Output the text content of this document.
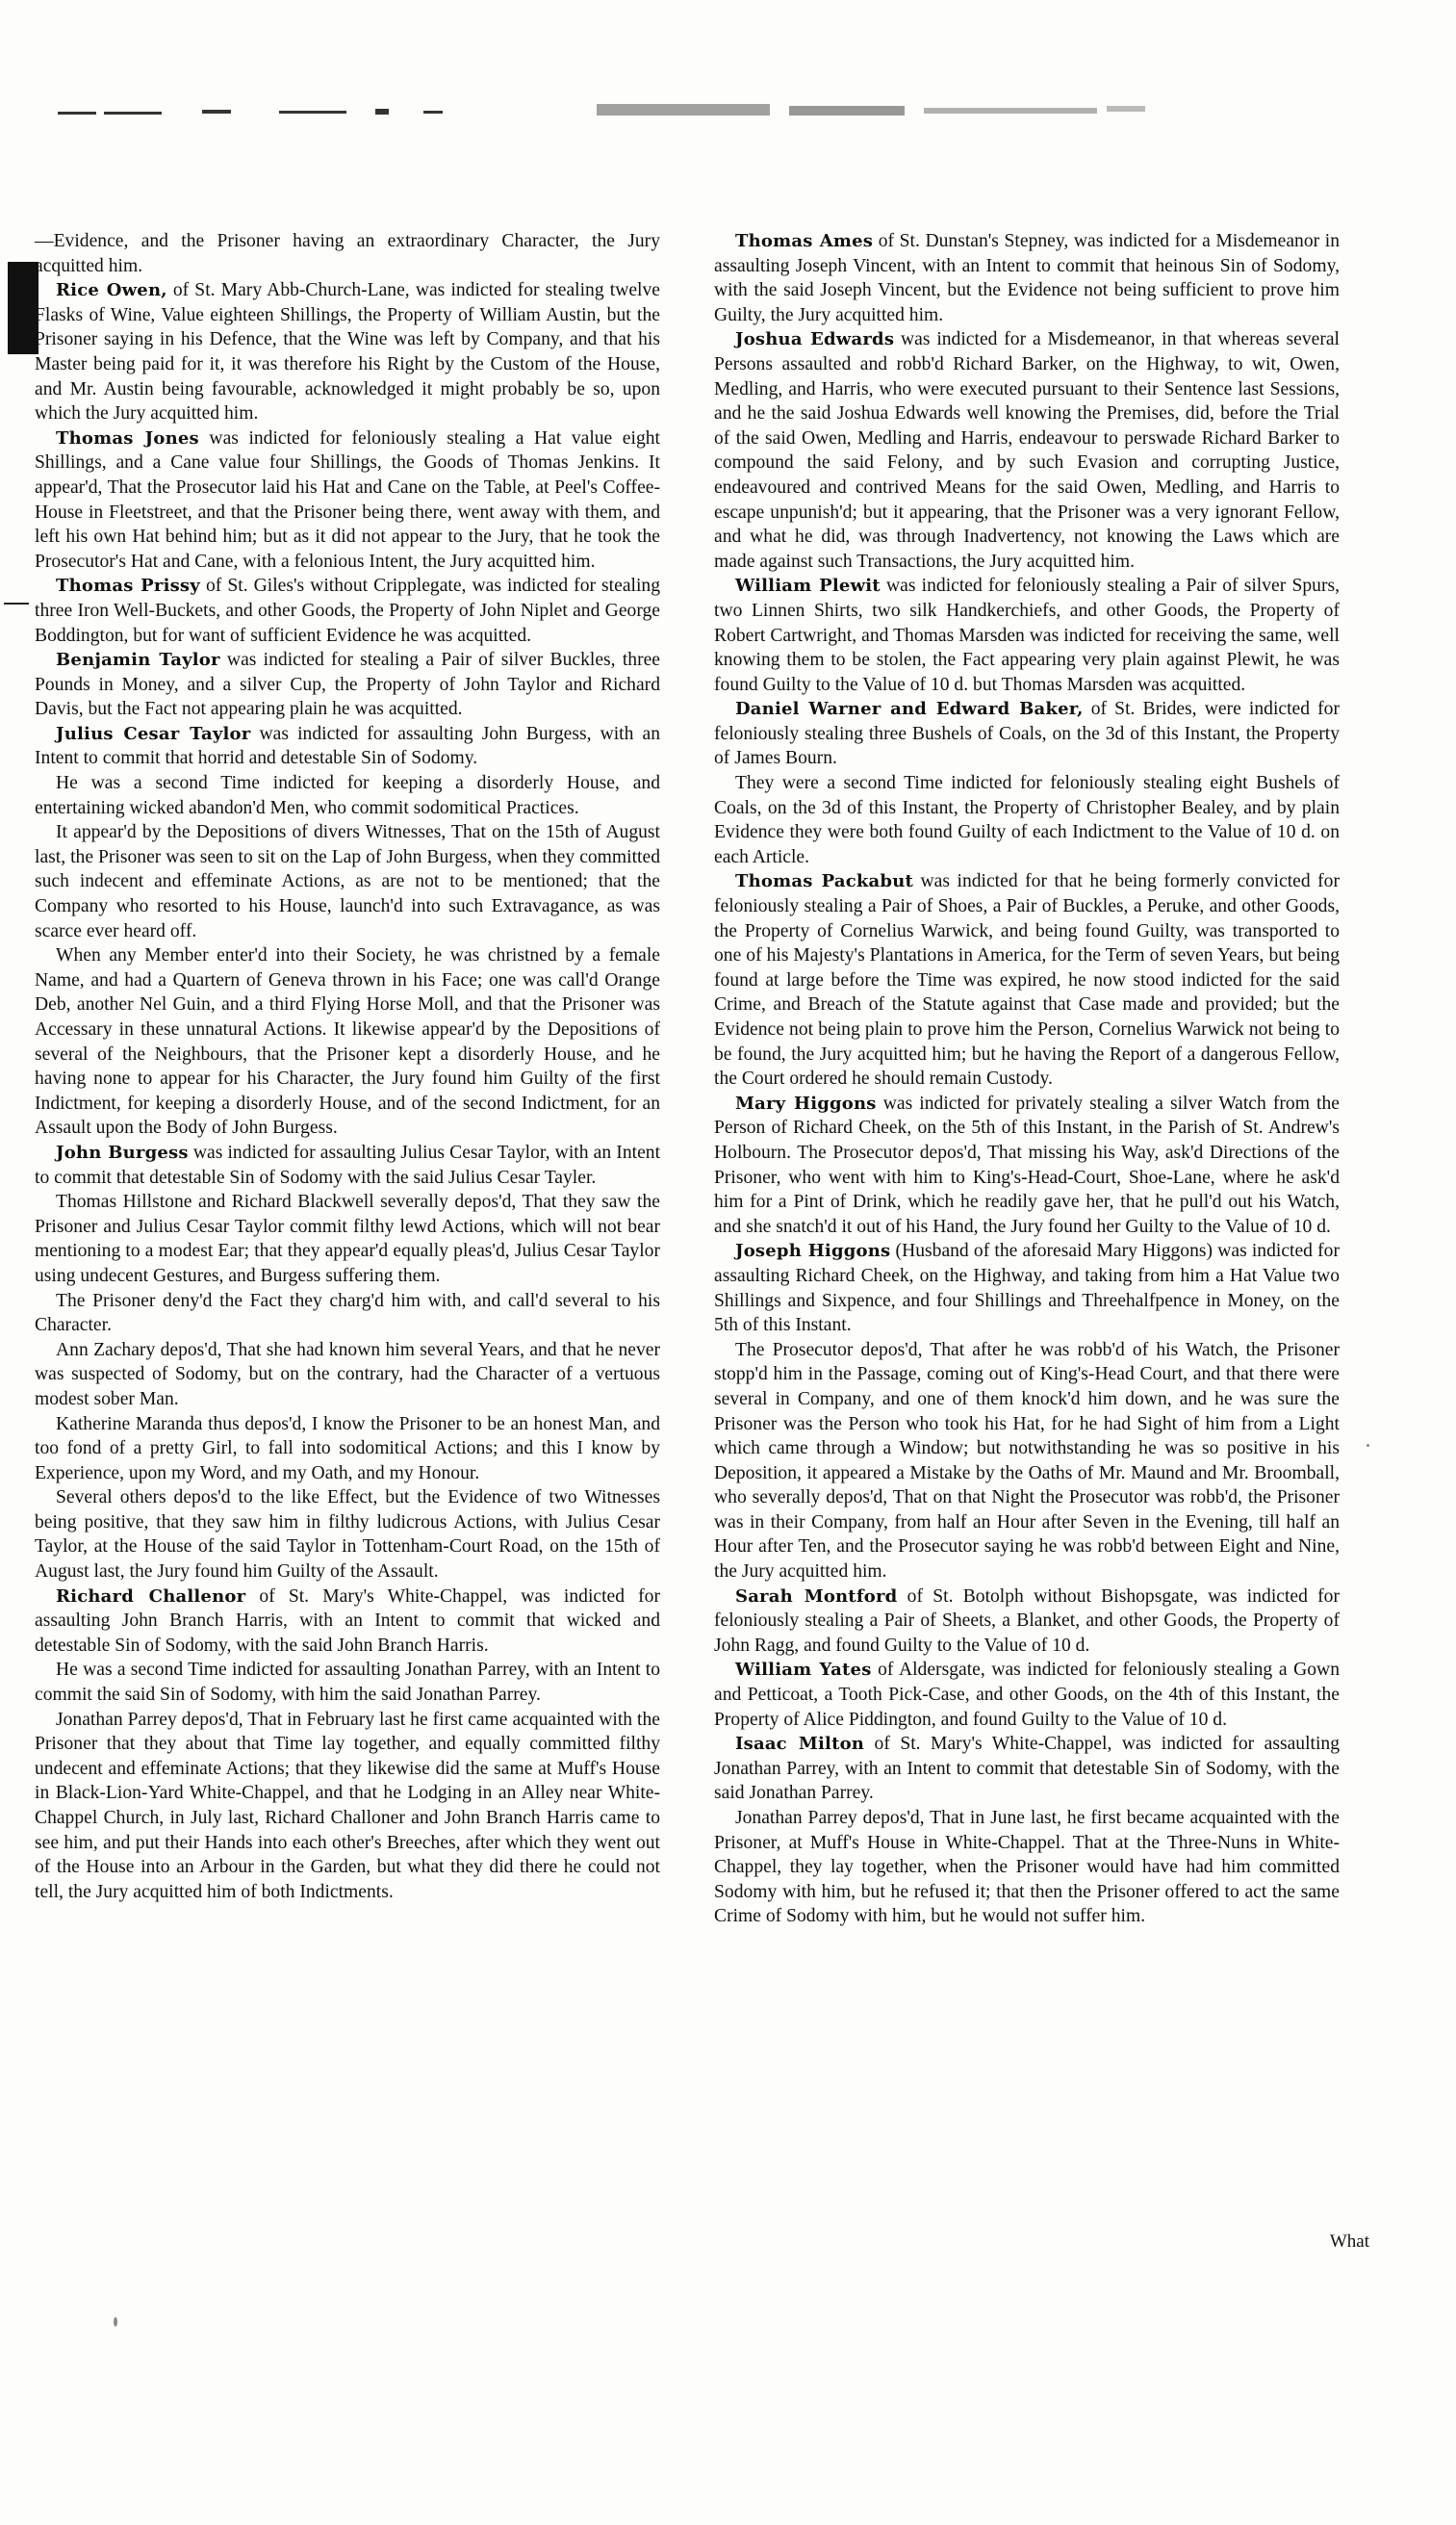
—Evidence, and the Prisoner having an extraordinary Character, the Jury acquitted him.

Rice Owen, of St. Mary Abb-Church-Lane, was indicted for stealing twelve Flasks of Wine, Value eighteen Shillings, the Property of William Austin, but the Prisoner saying in his Defence, that the Wine was left by Company, and that his Master being paid for it, it was therefore his Right by the Custom of the House, and Mr. Austin being favourable, acknowledged it might probably be so, upon which the Jury acquitted him.

Thomas Jones was indicted for feloniously stealing a Hat value eight Shillings, and a Cane value four Shillings, the Goods of Thomas Jenkins. It appear'd, That the Prosecutor laid his Hat and Cane on the Table, at Peel's Coffee-House in Fleetstreet, and that the Prisoner being there, went away with them, and left his own Hat behind him; but as it did not appear to the Jury, that he took the Prosecutor's Hat and Cane, with a felonious Intent, the Jury acquitted him.

Thomas Prissy of St. Giles's without Cripplegate, was indicted for stealing three Iron Well-Buckets, and other Goods, the Property of John Niplet and George Boddington, but for want of sufficient Evidence he was acquitted.

Benjamin Taylor was indicted for stealing a Pair of silver Buckles, three Pounds in Money, and a silver Cup, the Property of John Taylor and Richard Davis, but the Fact not appearing plain he was acquitted.

Julius Cesar Taylor was indicted for assaulting John Burgess, with an Intent to commit that horrid and detestable Sin of Sodomy.

He was a second Time indicted for keeping a disorderly House, and entertaining wicked abandon'd Men, who commit sodomitical Practices.

It appear'd by the Depositions of divers Witnesses, That on the 15th of August last, the Prisoner was seen to sit on the Lap of John Burgess, when they committed such indecent and effeminate Actions, as are not to be mentioned; that the Company who resorted to his House, launch'd into such Extravagance, as was scarce ever heard off.

When any Member enter'd into their Society, he was christned by a female Name, and had a Quartern of Geneva thrown in his Face; one was call'd Orange Deb, another Nel Guin, and a third Flying Horse Moll, and that the Prisoner was Accessary in these unnatural Actions. It likewise appear'd by the Depositions of several of the Neighbours, that the Prisoner kept a disorderly House, and he having none to appear for his Character, the Jury found him Guilty of the first Indictment, for keeping a disorderly House, and of the second Indictment, for an Assault upon the Body of John Burgess.

John Burgess was indicted for assaulting Julius Cesar Taylor, with an Intent to commit that detestable Sin of Sodomy with the said Julius Cesar Tayler.

Thomas Hillstone and Richard Blackwell severally depos'd, That they saw the Prisoner and Julius Cesar Taylor commit filthy lewd Actions, which will not bear mentioning to a modest Ear; that they appear'd equally pleas'd, Julius Cesar Taylor using undecent Gestures, and Burgess suffering them.

The Prisoner deny'd the Fact they charg'd him with, and call'd several to his Character.

Ann Zachary depos'd, That she had known him several Years, and that he never was suspected of Sodomy, but on the contrary, had the Character of a vertuous modest sober Man.

Katherine Maranda thus depos'd, I know the Prisoner to be an honest Man, and too fond of a pretty Girl, to fall into sodomitical Actions; and this I know by Experience, upon my Word, and my Oath, and my Honour.

Several others depos'd to the like Effect, but the Evidence of two Witnesses being positive, that they saw him in filthy ludicrous Actions, with Julius Cesar Taylor, at the House of the said Taylor in Tottenham-Court Road, on the 15th of August last, the Jury found him Guilty of the Assault.

Richard Challenor of St. Mary's White-Chappel, was indicted for assaulting John Branch Harris, with an Intent to commit that wicked and detestable Sin of Sodomy, with the said John Branch Harris.

He was a second Time indicted for assaulting Jonathan Parrey, with an Intent to commit the said Sin of Sodomy, with him the said Jonathan Parrey.

Jonathan Parrey depos'd, That in February last he first came acquainted with the Prisoner that they about that Time lay together, and equally committed filthy undecent and effeminate Actions; that they likewise did the same at Muff's House in Black-Lion-Yard White-Chappel, and that he Lodging in an Alley near White-Chappel Church, in July last, Richard Challoner and John Branch Harris came to see him, and put their Hands into each other's Breeches, after which they went out of the House into an Arbour in the Garden, but what they did there he could not tell, the Jury acquitted him of both Indictments.

Thomas Ames of St. Dunstan's Stepney, was indicted for a Misdemeanor in assaulting Joseph Vincent, with an Intent to commit that heinous Sin of Sodomy, with the said Joseph Vincent, but the Evidence not being sufficient to prove him Guilty, the Jury acquitted him.

Joshua Edwards was indicted for a Misdemeanor, in that whereas several Persons assaulted and robb'd Richard Barker, on the Highway, to wit, Owen, Medling, and Harris, who were executed pursuant to their Sentence last Sessions, and he the said Joshua Edwards well knowing the Premises, did, before the Trial of the said Owen, Medling and Harris, endeavour to perswade Richard Barker to compound the said Felony, and by such Evasion and corrupting Justice, endeavoured and contrived Means for the said Owen, Medling, and Harris to escape unpunish'd; but it appearing, that the Prisoner was a very ignorant Fellow, and what he did, was through Inadvertency, not knowing the Laws which are made against such Transactions, the Jury acquitted him.

William Plewit was indicted for feloniously stealing a Pair of silver Spurs, two Linnen Shirts, two silk Handkerchiefs, and other Goods, the Property of Robert Cartwright, and Thomas Marsden was indicted for receiving the same, well knowing them to be stolen, the Fact appearing very plain against Plewit, he was found Guilty to the Value of 10 d. but Thomas Marsden was acquitted.

Daniel Warner and Edward Baker, of St. Brides, were indicted for feloniously stealing three Bushels of Coals, on the 3d of this Instant, the Property of James Bourn.

They were a second Time indicted for feloniously stealing eight Bushels of Coals, on the 3d of this Instant, the Property of Christopher Bealey, and by plain Evidence they were both found Guilty of each Indictment to the Value of 10 d. on each Article.

Thomas Packabut was indicted for that he being formerly convicted for feloniously stealing a Pair of Shoes, a Pair of Buckles, a Peruke, and other Goods, the Property of Cornelius Warwick, and being found Guilty, was transported to one of his Majesty's Plantations in America, for the Term of seven Years, but being found at large before the Time was expired, he now stood indicted for the said Crime, and Breach of the Statute against that Case made and provided; but the Evidence not being plain to prove him the Person, Cornelius Warwick not being to be found, the Jury acquitted him; but he having the Report of a dangerous Fellow, the Court ordered he should remain Custody.

Mary Higgons was indicted for privately stealing a silver Watch from the Person of Richard Cheek, on the 5th of this Instant, in the Parish of St. Andrew's Holbourn. The Prosecutor depos'd, That missing his Way, ask'd Directions of the Prisoner, who went with him to King's-Head-Court, Shoe-Lane, where he ask'd him for a Pint of Drink, which he readily gave her, that he pull'd out his Watch, and she snatch'd it out of his Hand, the Jury found her Guilty to the Value of 10 d.

Joseph Higgons (Husband of the aforesaid Mary Higgons) was indicted for assaulting Richard Cheek, on the Highway, and taking from him a Hat Value two Shillings and Sixpence, and four Shillings and Threehalfpence in Money, on the 5th of this Instant.

The Prosecutor depos'd, That after he was robb'd of his Watch, the Prisoner stopp'd him in the Passage, coming out of King's-Head Court, and that there were several in Company, and one of them knock'd him down, and he was sure the Prisoner was the Person who took his Hat, for he had Sight of him from a Light which came through a Window; but notwithstanding he was so positive in his Deposition, it appeared a Mistake by the Oaths of Mr. Maund and Mr. Broomball, who severally depos'd, That on that Night the Prosecutor was robb'd, the Prisoner was in their Company, from half an Hour after Seven in the Evening, till half an Hour after Ten, and the Prosecutor saying he was robb'd between Eight and Nine, the Jury acquitted him.

Sarah Montford of St. Botolph without Bishopsgate, was indicted for feloniously stealing a Pair of Sheets, a Blanket, and other Goods, the Property of John Ragg, and found Guilty to the Value of 10 d.

William Yates of Aldersgate, was indicted for feloniously stealing a Gown and Petticoat, a Tooth Pick-Case, and other Goods, on the 4th of this Instant, the Property of Alice Piddington, and found Guilty to the Value of 10 d.

Isaac Milton of St. Mary's White-Chappel, was indicted for assaulting Jonathan Parrey, with an Intent to commit that detestable Sin of Sodomy, with the said Jonathan Parrey.

Jonathan Parrey depos'd, That in June last, he first became acquainted with the Prisoner, at Muff's House in White-Chappel. That at the Three-Nuns in White-Chappel, they lay together, when the Prisoner would have had him committed Sodomy with him, but he refused it; that then the Prisoner offered to act the same Crime of Sodomy with him, but he would not suffer him.

What
